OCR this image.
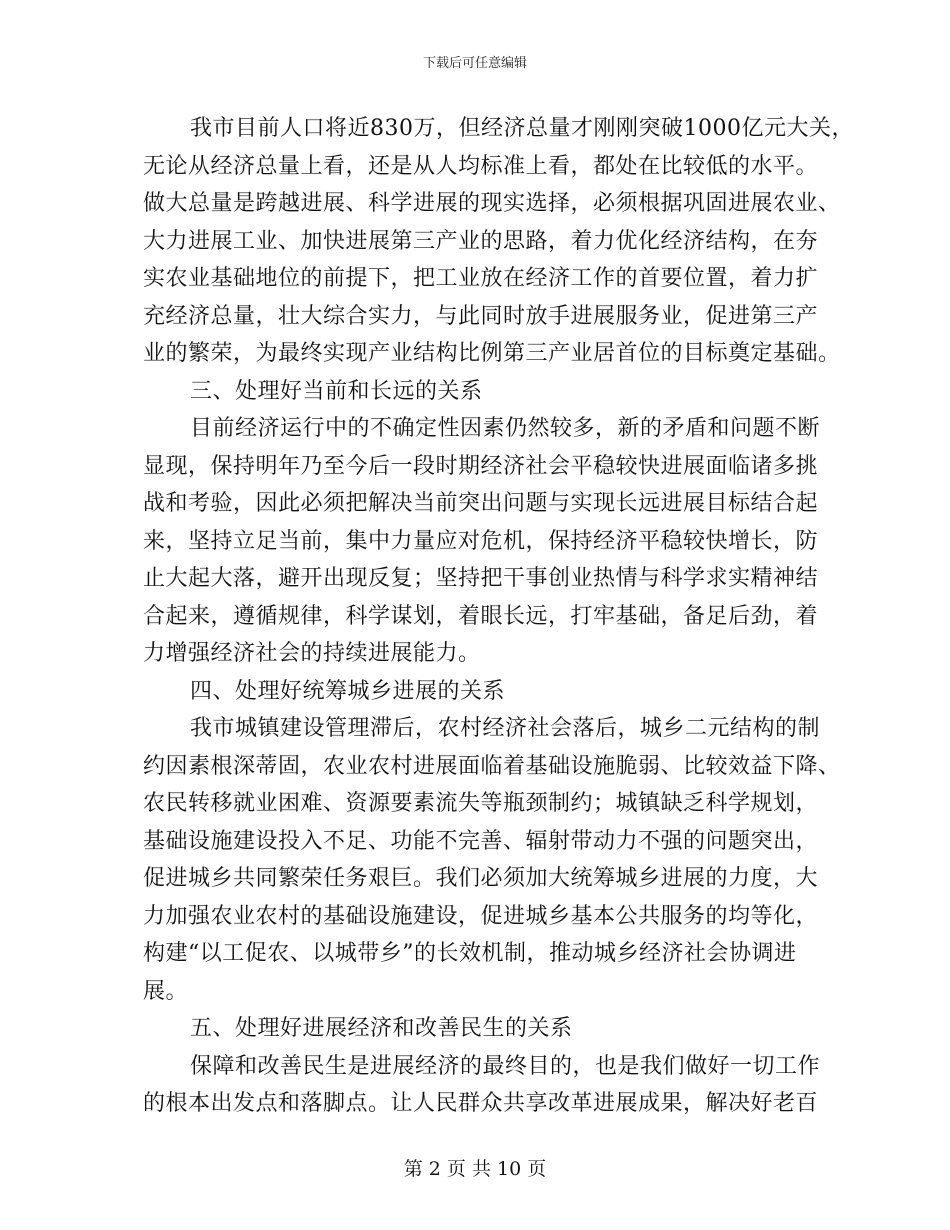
下载后可任意编辑
我市目前人口将近830万，但经济总量才刚刚突破1000亿元大关，
无论从经济总量上看，还是从人均标准上看，都处在比较低的水平。
做大总量是跨越进展、科学进展的现实选择，必须根据巩固进展农业、
大力进展工业、加快进展第三产业的思路，着力优化经济结构，在夯
实农业基础地位的前提下，把工业放在经济工作的首要位置，着力扩
充经济总量，壮大综合实力，与此同时放手进展服务业，促进第三产
业的繁荣，为最终实现产业结构比例第三产业居首位的目标奠定基础。
三、处理好当前和长远的关系
目前经济运行中的不确定性因素仍然较多，新的矛盾和问题不断
显现，保持明年乃至今后一段时期经济社会平稳较快进展面临诸多挑
战和考验，因此必须把解决当前突出问题与实现长远进展目标结合起
来，坚持立足当前，集中力量应对危机，保持经济平稳较快增长，防
止大起大落，避开出现反复；坚持把干事创业热情与科学求实精神结
合起来，遵循规律，科学谋划，着眼长远，打牢基础，备足后劲，着
力增强经济社会的持续进展能力。
四、处理好统筹城乡进展的关系
我市城镇建设管理滞后，农村经济社会落后，城乡二元结构的制
约因素根深蒂固，农业农村进展面临着基础设施脆弱、比较效益下降、
农民转移就业困难、资源要素流失等瓶颈制约；城镇缺乏科学规划，
基础设施建设投入不足、功能不完善、辐射带动力不强的问题突出，
促进城乡共同繁荣任务艰巨。我们必须加大统筹城乡进展的力度，大
力加强农业农村的基础设施建设，促进城乡基本公共服务的均等化，
构建“以工促农、以城带乡”的长效机制，推动城乡经济社会协调进
展。
五、处理好进展经济和改善民生的关系
保障和改善民生是进展经济的最终目的，也是我们做好一切工作
的根本出发点和落脚点。让人民群众共享改革进展成果，解决好老百
第 2 页 共 10 页
